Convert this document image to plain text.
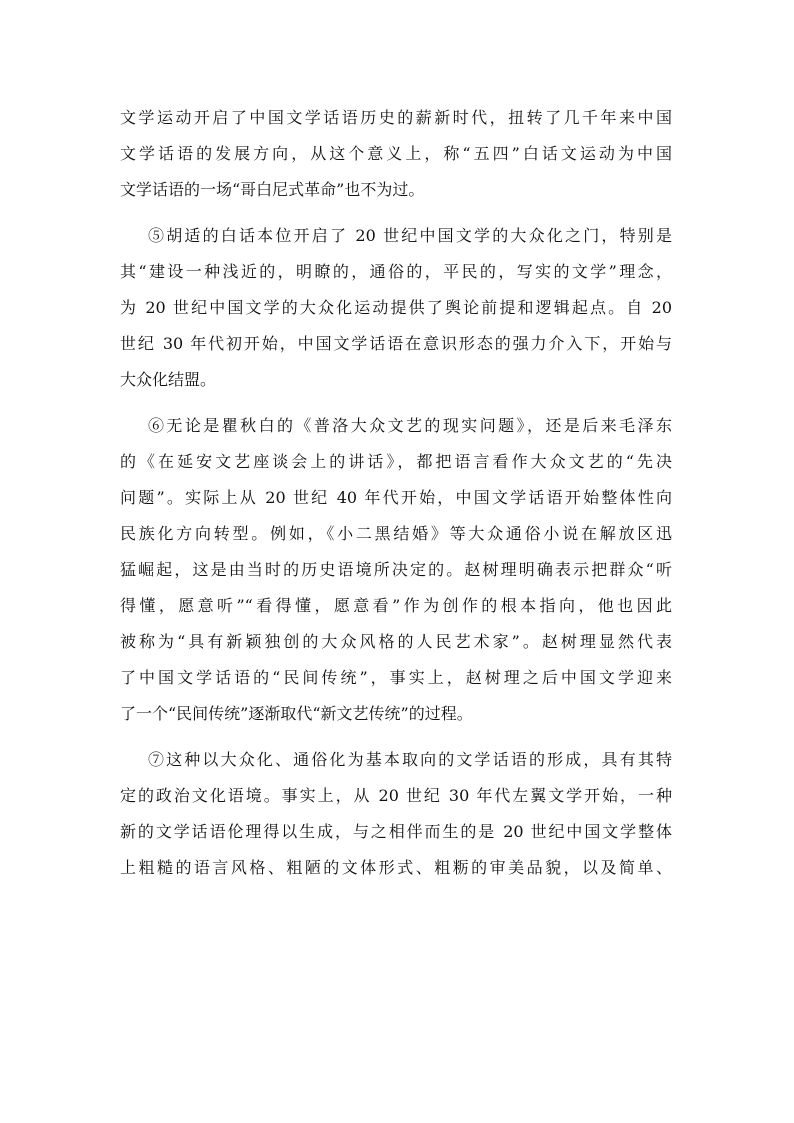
文学运动开启了中国文学话语历史的薪新时代，扭转了几千年来中国
文学话语的发展方向，从这个意义上，称“五四”白话文运动为中国
文学话语的一场“哥白尼式革命”也不为过。
⑤胡适的白话本位开启了 20 世纪中国文学的大众化之门，特别是
其“建设一种浅近的，明瞭的，通俗的，平民的，写实的文学”理念，
为 20 世纪中国文学的大众化运动提供了舆论前提和逻辑起点。自 20
世纪 30 年代初开始，中国文学话语在意识形态的强力介入下，开始与
大众化结盟。
⑥无论是瞿秋白的《普洛大众文艺的现实问题》，还是后来毛泽东
的《在延安文艺座谈会上的讲话》，都把语言看作大众文艺的“先决
问题”。实际上从 20 世纪 40 年代开始，中国文学话语开始整体性向
民族化方向转型。例如，《小二黑结婚》等大众通俗小说在解放区迅
猛崛起，这是由当时的历史语境所决定的。赵树理明确表示把群众“听
得懂，愿意听”“看得懂，愿意看”作为创作的根本指向，他也因此
被称为“具有新颖独创的大众风格的人民艺术家”。赵树理显然代表
了中国文学话语的“民间传统”，事实上，赵树理之后中国文学迎来
了一个“民间传统”逐渐取代“新文艺传统”的过程。
⑦这种以大众化、通俗化为基本取向的文学话语的形成，具有其特
定的政治文化语境。事实上，从 20 世纪 30 年代左翼文学开始，一种
新的文学话语伦理得以生成，与之相伴而生的是 20 世纪中国文学整体
上粗糙的语言风格、粗陋的文体形式、粗粝的审美品貌，以及简单、
